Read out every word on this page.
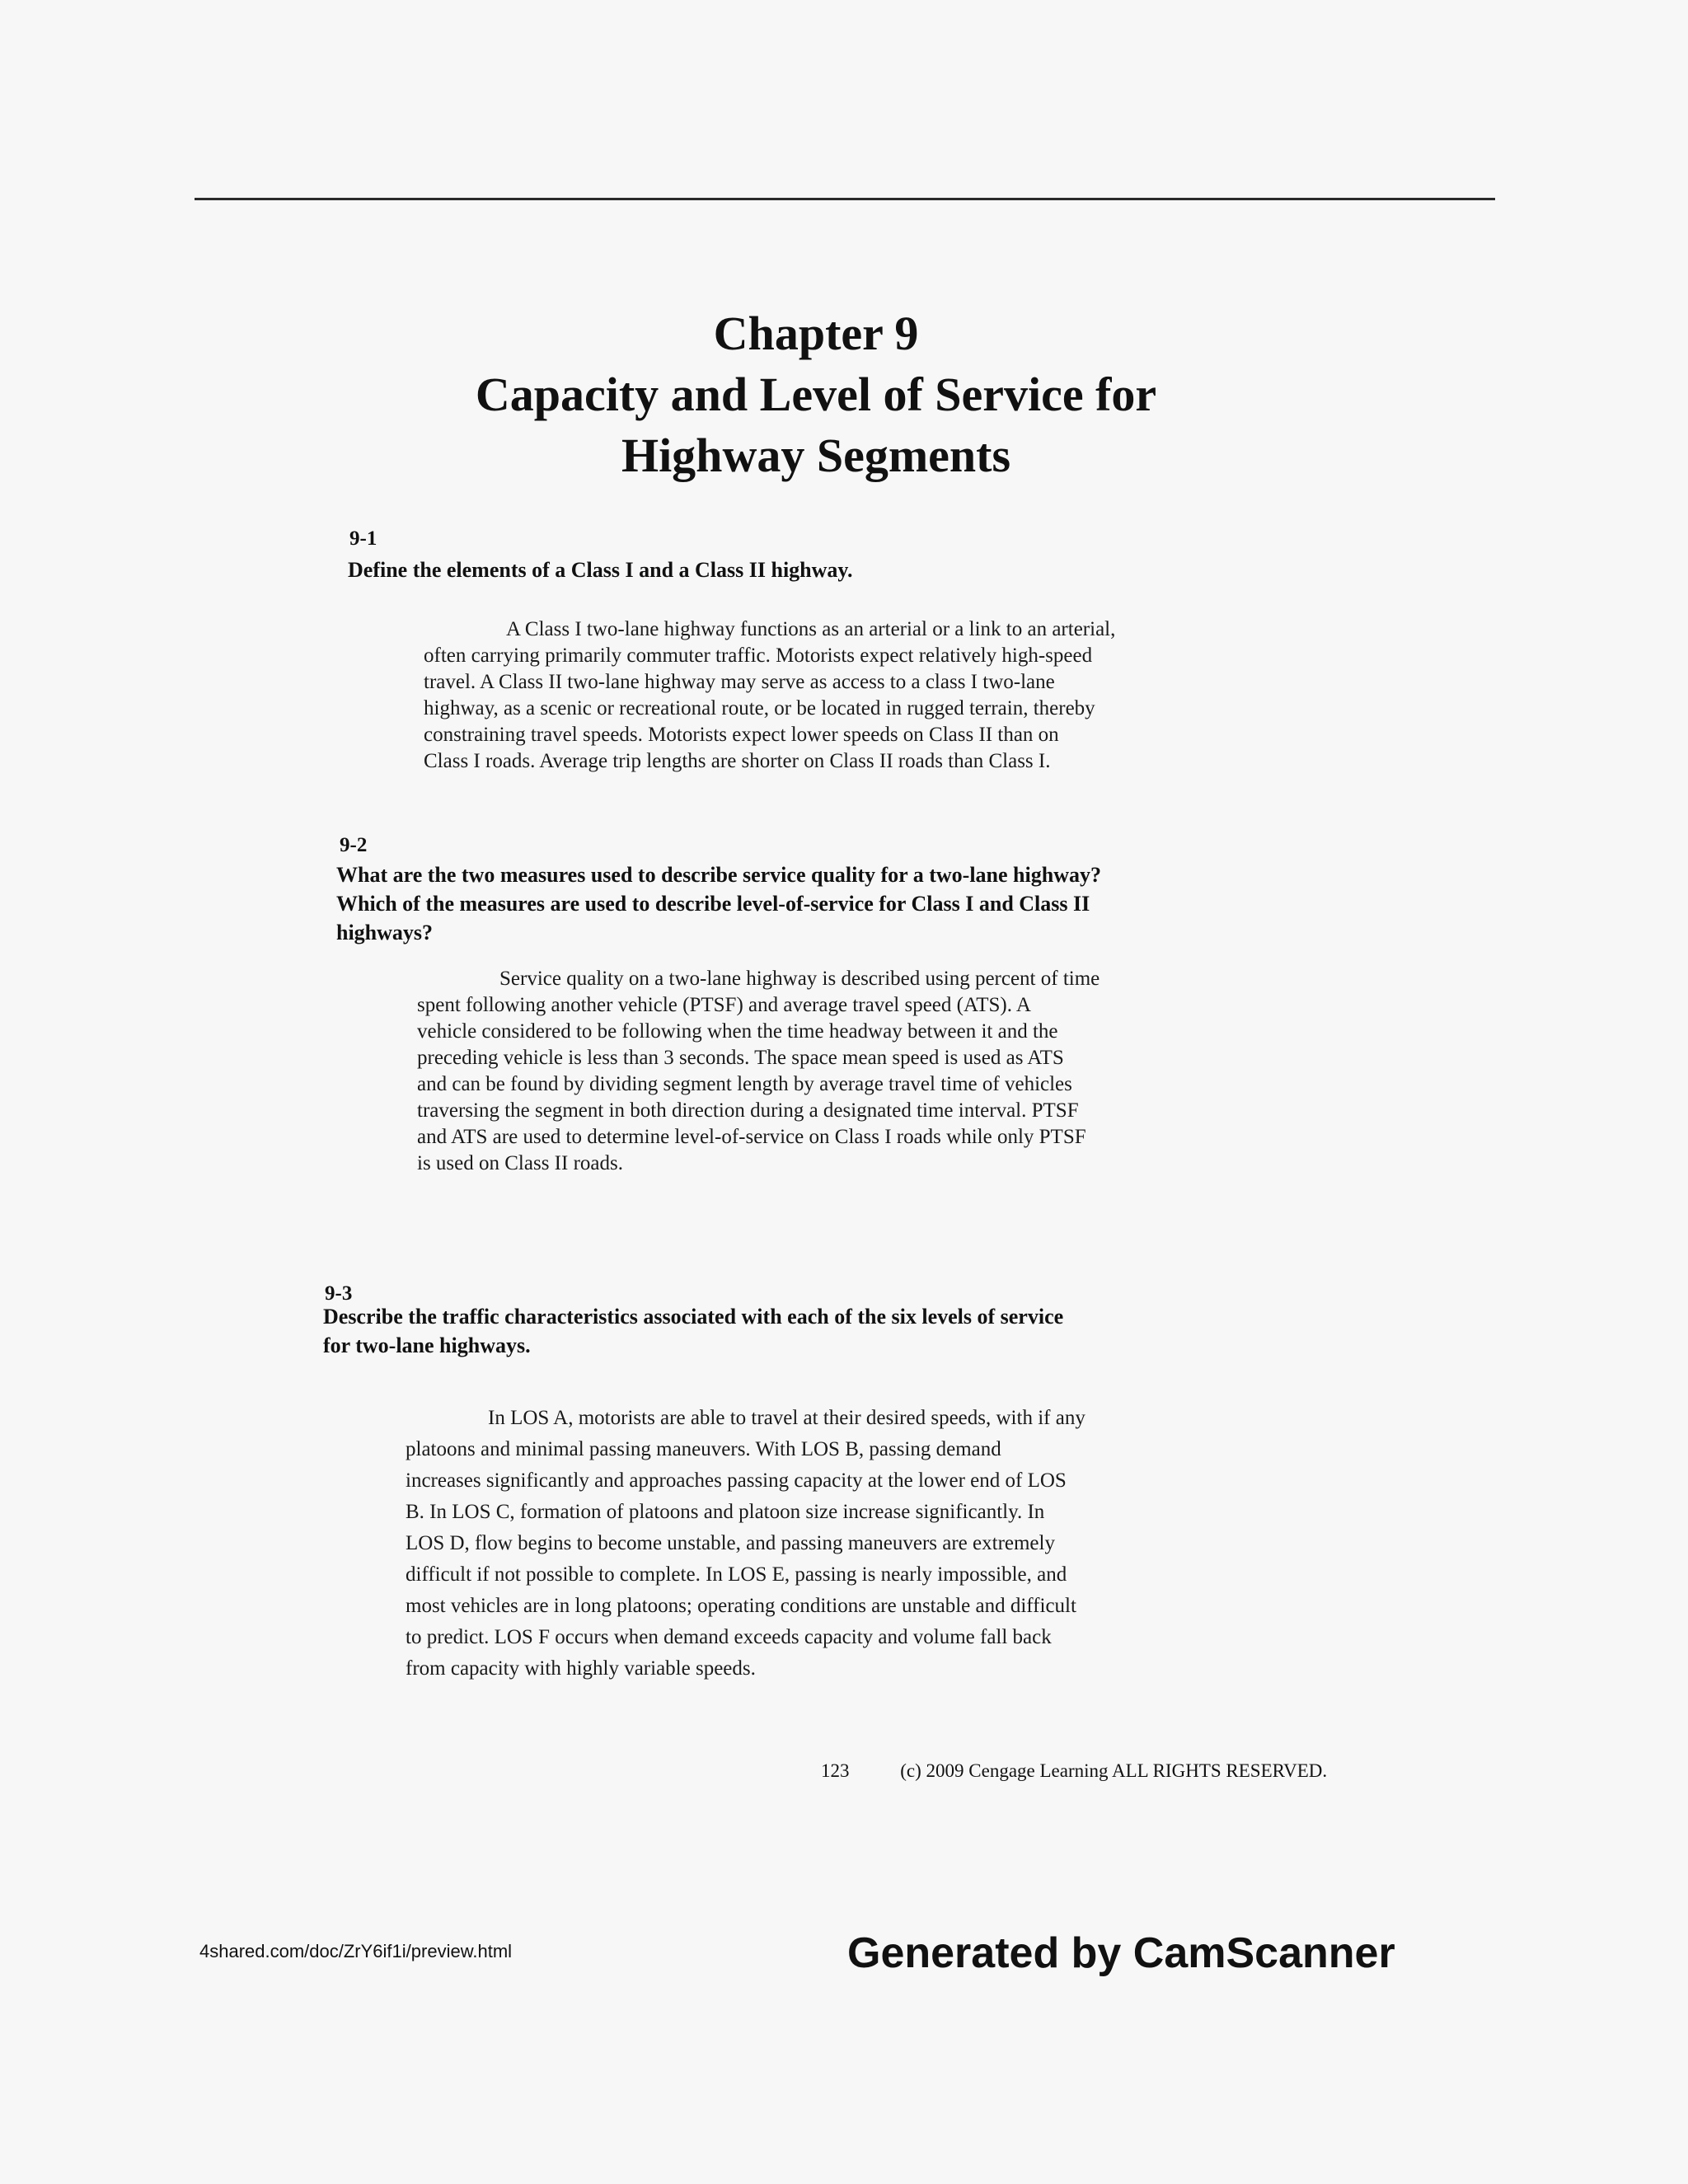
Chapter 9
Capacity and Level of Service for
Highway Segments
9-1
Define the elements of a Class I and a Class II highway.
A Class I two-lane highway functions as an arterial or a link to an arterial,
often carrying primarily commuter traffic. Motorists expect relatively high-speed
travel. A Class II two-lane highway may serve as access to a class I two-lane
highway, as a scenic or recreational route, or be located in rugged terrain, thereby
constraining travel speeds. Motorists expect lower speeds on Class II than on
Class I roads. Average trip lengths are shorter on Class II roads than Class I.
9-2
What are the two measures used to describe service quality for a two-lane highway?
Which of the measures are used to describe level-of-service for Class I and Class II
highways?
Service quality on a two-lane highway is described using percent of time
spent following another vehicle (PTSF) and average travel speed (ATS). A
vehicle considered to be following when the time headway between it and the
preceding vehicle is less than 3 seconds. The space mean speed is used as ATS
and can be found by dividing segment length by average travel time of vehicles
traversing the segment in both direction during a designated time interval. PTSF
and ATS are used to determine level-of-service on Class I roads while only PTSF
is used on Class II roads.
9-3
Describe the traffic characteristics associated with each of the six levels of service
for two-lane highways.
In LOS A, motorists are able to travel at their desired speeds, with if any
platoons and minimal passing maneuvers. With LOS B, passing demand
increases significantly and approaches passing capacity at the lower end of LOS
B. In LOS C, formation of platoons and platoon size increase significantly. In
LOS D, flow begins to become unstable, and passing maneuvers are extremely
difficult if not possible to complete. In LOS E, passing is nearly impossible, and
most vehicles are in long platoons; operating conditions are unstable and difficult
to predict. LOS F occurs when demand exceeds capacity and volume fall back
from capacity with highly variable speeds.
123	(c) 2009 Cengage Learning ALL RIGHTS RESERVED.
4shared.com/doc/ZrY6if1i/preview.html	Generated by CamScanner
